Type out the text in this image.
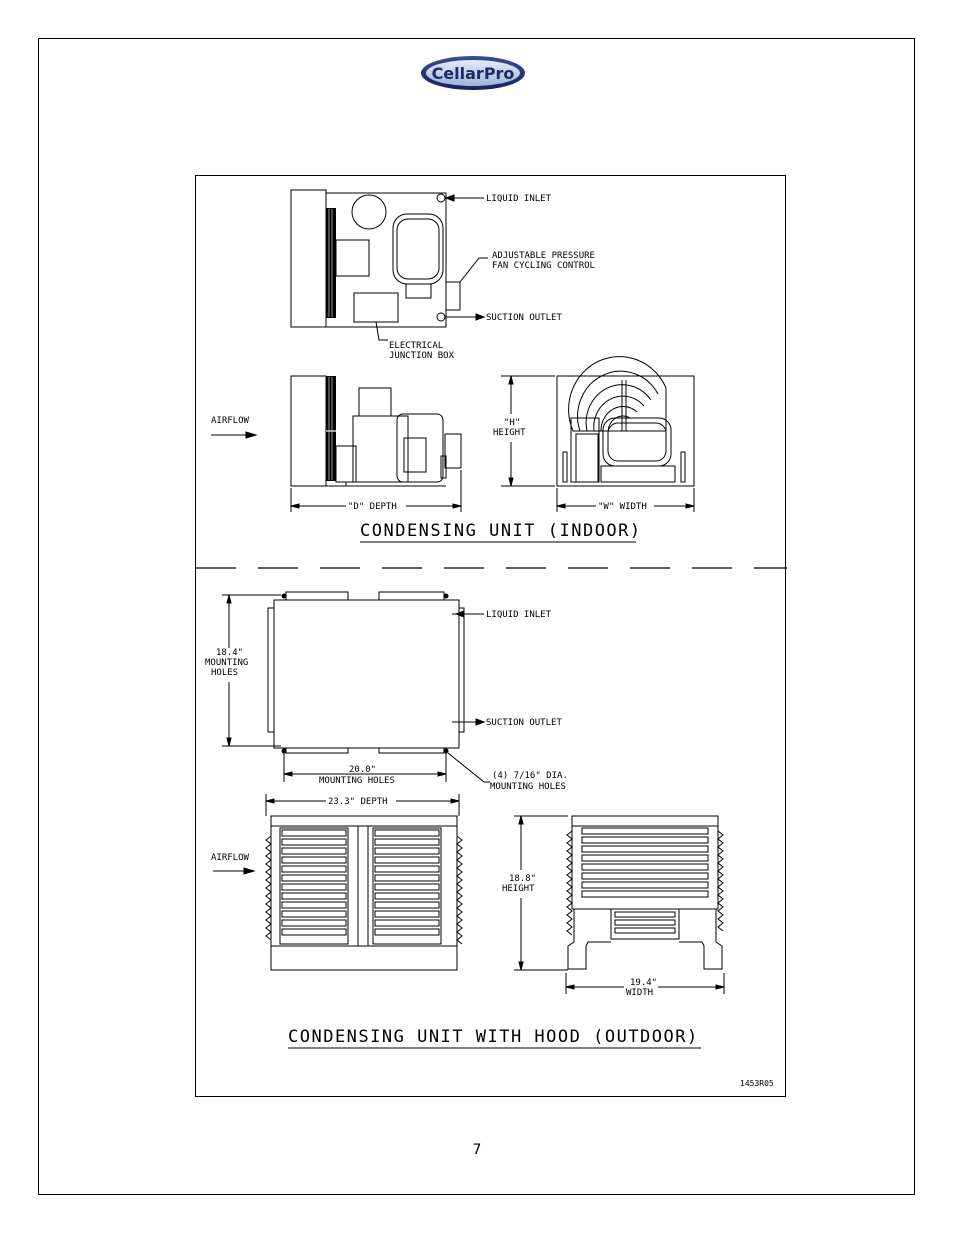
CellarPro
LIQUID INLET
ADJUSTABLE PRESSURE
FAN CYCLING CONTROL
SUCTION OUTLET
ELECTRICAL
JUNCTION BOX
AIRFLOW
"D" DEPTH
"H"
HEIGHT
"W" WIDTH
CONDENSING UNIT (INDOOR)
LIQUID INLET
SUCTION OUTLET
(4) 7/16" DIA.
MOUNTING HOLES
18.4"
MOUNTING
HOLES
20.0"
MOUNTING HOLES
AIRFLOW
23.3" DEPTH
18.8"
HEIGHT
19.4"
WIDTH
CONDENSING UNIT WITH HOOD (OUTDOOR)
1453R05
7
